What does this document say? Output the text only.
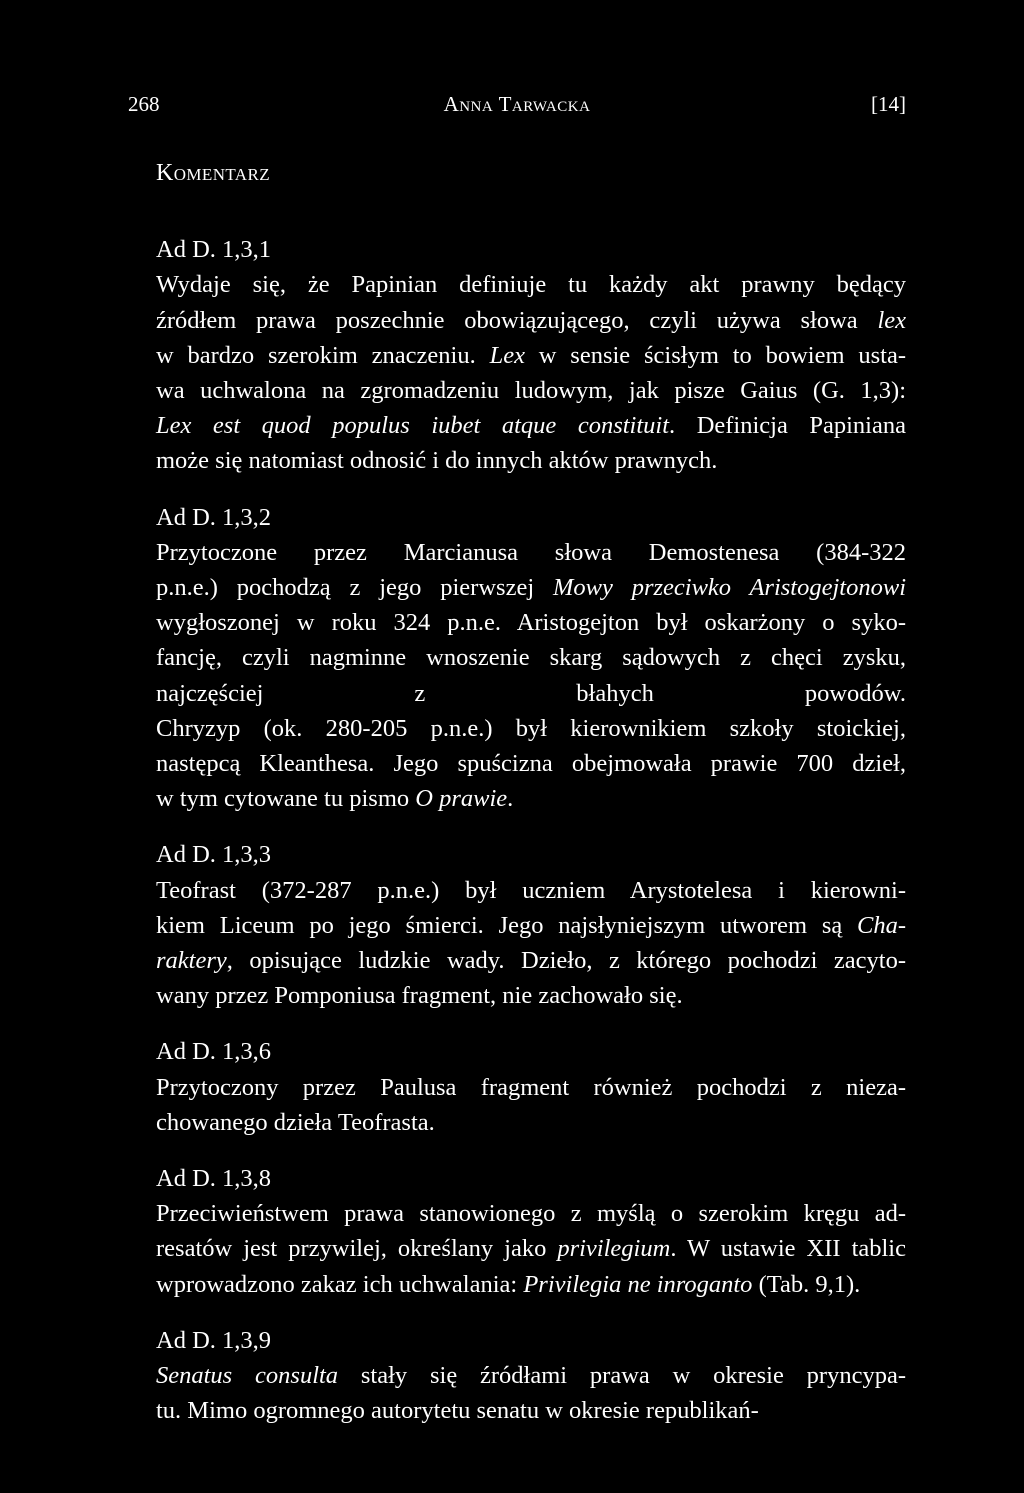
268	Anna Tarwacka	[14]
Komentarz
Ad D. 1,3,1
Wydaje się, że Papinian definiuje tu każdy akt prawny będący
źródłem prawa poszechnie obowiązującego, czyli używa słowa lex
w bardzo szerokim znaczeniu. Lex w sensie ścisłym to bowiem usta-
wa uchwalona na zgromadzeniu ludowym, jak pisze Gaius (G. 1,3):
Lex est quod populus iubet atque constituit. Definicja Papiniana
może się natomiast odnosić i do innych aktów prawnych.
Ad D. 1,3,2
Przytoczone przez Marcianusa słowa Demostenesa (384-322
p.n.e.) pochodzą z jego pierwszej Mowy przeciwko Aristogejtonowi
wygłoszonej w roku 324 p.n.e. Aristogejton był oskarżony o syko-
fancję, czyli nagminne wnoszenie skarg sądowych z chęci zysku,
najczęściej z błahych powodów.
Chryzyp (ok. 280-205 p.n.e.) był kierownikiem szkoły stoickiej,
następcą Kleanthesa. Jego spuścizna obejmowała prawie 700 dzieł,
w tym cytowane tu pismo O prawie.
Ad D. 1,3,3
Teofrast (372-287 p.n.e.) był uczniem Arystotelesa i kierowni-
kiem Liceum po jego śmierci. Jego najsłyniejszym utworem są Cha-
raktery, opisujące ludzkie wady. Dzieło, z którego pochodzi zacyto-
wany przez Pomponiusa fragment, nie zachowało się.
Ad D. 1,3,6
Przytoczony przez Paulusa fragment również pochodzi z nieza-
chowanego dzieła Teofrasta.
Ad D. 1,3,8
Przeciwieństwem prawa stanowionego z myślą o szerokim kręgu ad-
resatów jest przywilej, określany jako privilegium. W ustawie XII tablic
wprowadzono zakaz ich uchwalania: Privilegia ne inroganto (Tab. 9,1).
Ad D. 1,3,9
Senatus consulta stały się źródłami prawa w okresie pryncypa-
tu. Mimo ogromnego autorytetu senatu w okresie republikań-
